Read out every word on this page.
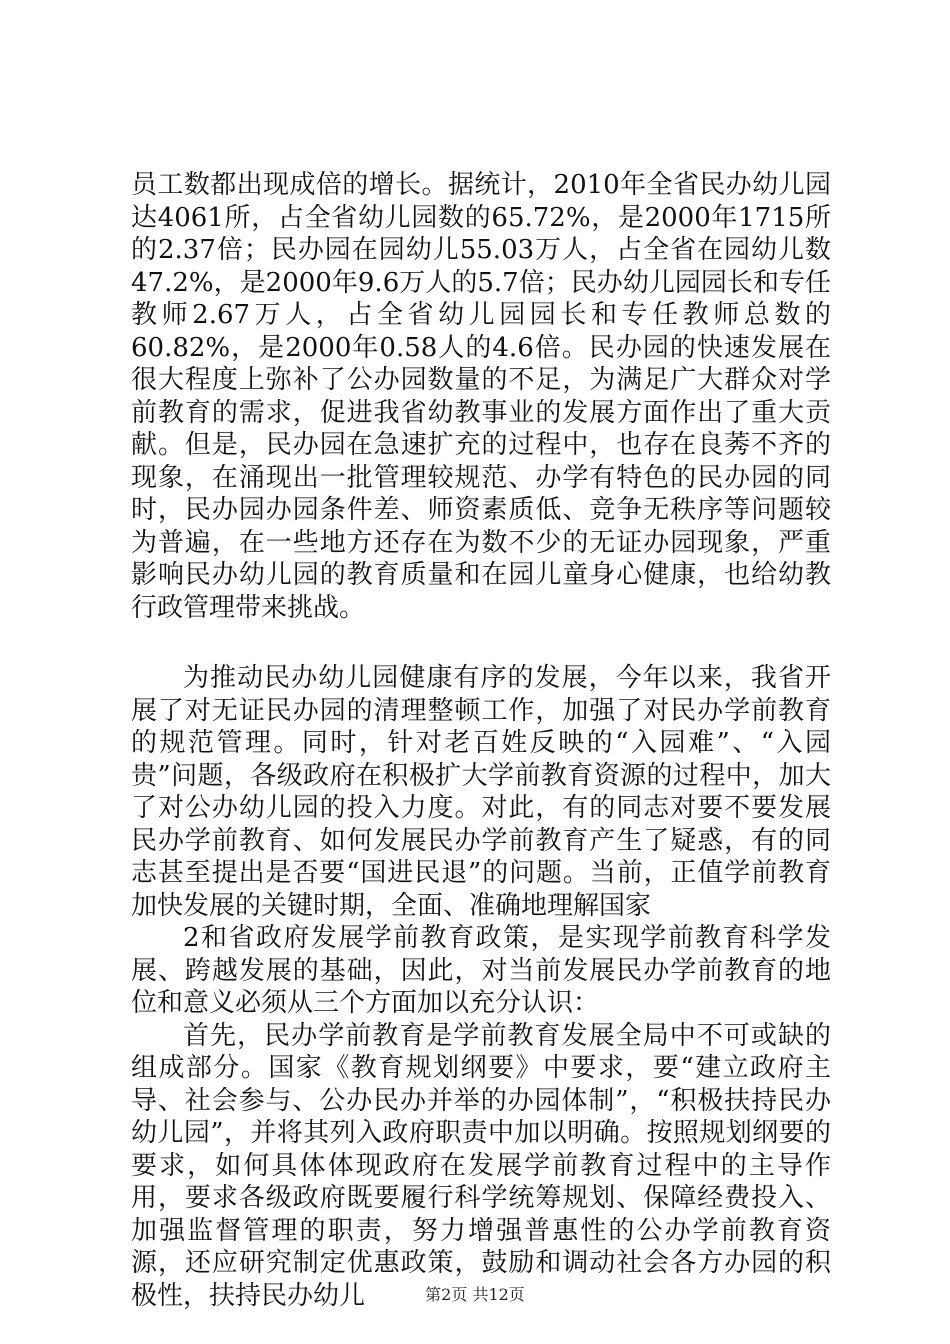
员工数都出现成倍的增长。据统计，2010年全省民办幼儿园达4061所，占全省幼儿园数的65.72%，是2000年1715所的2.37倍；民办园在园幼儿55.03万人，占全省在园幼儿数47.2%，是2000年9.6万人的5.7倍；民办幼儿园园长和专任教师2.67万人，占全省幼儿园园长和专任教师总数的60.82%，是2000年0.58人的4.6倍。民办园的快速发展在很大程度上弥补了公办园数量的不足，为满足广大群众对学前教育的需求，促进我省幼教事业的发展方面作出了重大贡献。但是，民办园在急速扩充的过程中，也存在良莠不齐的现象，在涌现出一批管理较规范、办学有特色的民办园的同时，民办园办园条件差、师资素质低、竞争无秩序等问题较为普遍，在一些地方还存在为数不少的无证办园现象，严重影响民办幼儿园的教育质量和在园儿童身心健康，也给幼教行政管理带来挑战。

为推动民办幼儿园健康有序的发展，今年以来，我省开展了对无证民办园的清理整顿工作，加强了对民办学前教育的规范管理。同时，针对老百姓反映的“入园难”、“入园贵”问题，各级政府在积极扩大学前教育资源的过程中，加大了对公办幼儿园的投入力度。对此，有的同志对要不要发展民办学前教育、如何发展民办学前教育产生了疑惑，有的同志甚至提出是否要“国进民退”的问题。当前，正值学前教育加快发展的关键时期，全面、准确地理解国家

2和省政府发展学前教育政策，是实现学前教育科学发展、跨越发展的基础，因此，对当前发展民办学前教育的地位和意义必须从三个方面加以充分认识：

首先，民办学前教育是学前教育发展全局中不可或缺的组成部分。国家《教育规划纲要》中要求，要“建立政府主导、社会参与、公办民办并举的办园体制”，“积极扶持民办幼儿园”，并将其列入政府职责中加以明确。按照规划纲要的要求，如何具体体现政府在发展学前教育过程中的主导作用，要求各级政府既要履行科学统筹规划、保障经费投入、加强监督管理的职责，努力增强普惠性的公办学前教育资源，还应研究制定优惠政策，鼓励和调动社会各方办园的积极性，扶持民办幼儿	第2页 共12页
